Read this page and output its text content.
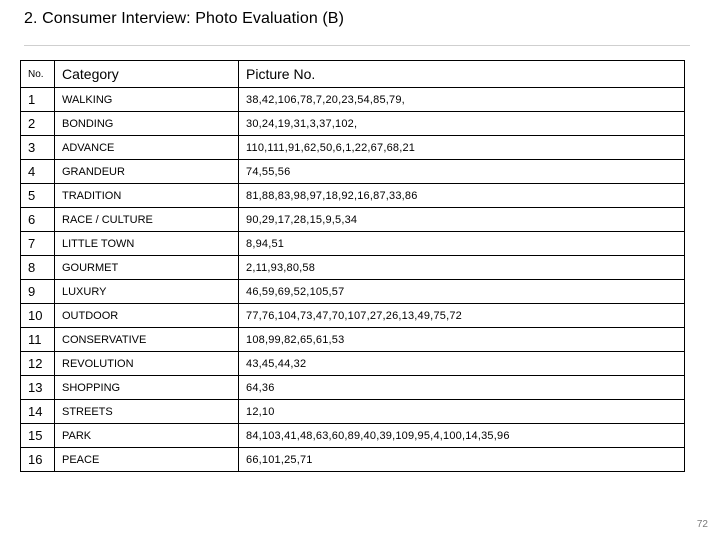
2. Consumer Interview: Photo Evaluation (B)
No.	Category	Picture No.
1	WALKING	38,42,106,78,7,20,23,54,85,79,
2	BONDING	30,24,19,31,3,37,102,
3	ADVANCE	110,111,91,62,50,6,1,22,67,68,21
4	GRANDEUR	74,55,56
5	TRADITION	81,88,83,98,97,18,92,16,87,33,86
6	RACE / CULTURE	90,29,17,28,15,9,5,34
7	LITTLE TOWN	8,94,51
8	GOURMET	2,11,93,80,58
9	LUXURY	46,59,69,52,105,57
10	OUTDOOR	77,76,104,73,47,70,107,27,26,13,49,75,72
11	CONSERVATIVE	108,99,82,65,61,53
12	REVOLUTION	43,45,44,32
13	SHOPPING	64,36
14	STREETS	12,10
15	PARK	84,103,41,48,63,60,89,40,39,109,95,4,100,14,35,96
16	PEACE	66,101,25,71
72
